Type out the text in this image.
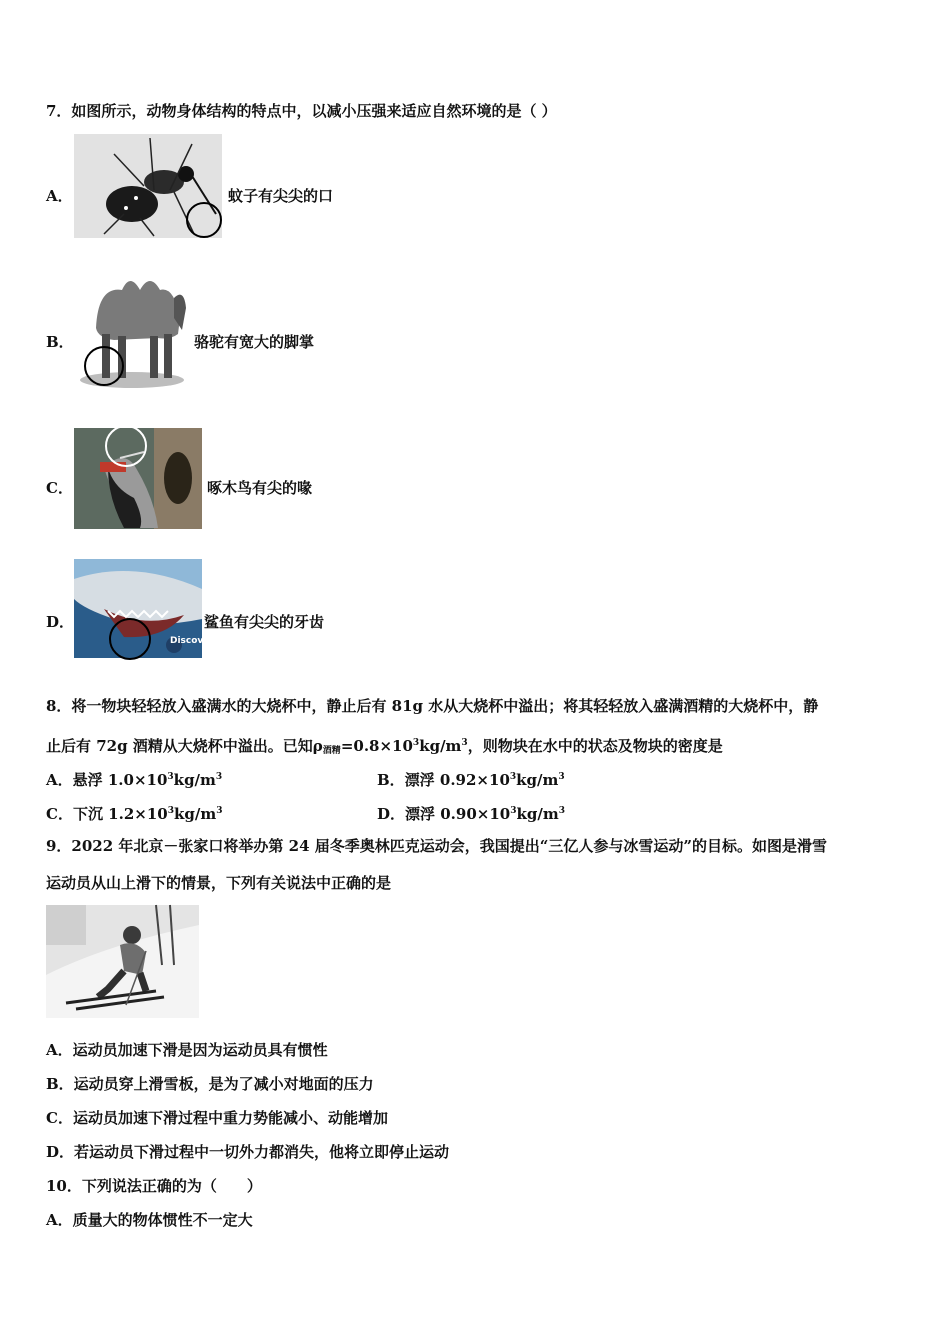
7．如图所示，动物身体结构的特点中，以减小压强来适应自然环境的是（ ）
A．	蚊子有尖尖的口
B．	骆驼有宽大的脚掌
C．	啄木鸟有尖的喙
D．
Discovery
鲨鱼有尖尖的牙齿
8．将一物块轻轻放入盛满水的大烧杯中，静止后有 81g 水从大烧杯中溢出；将其轻轻放入盛满酒精的大烧杯中，静
止后有 72g 酒精从大烧杯中溢出。已知$\rho_{酒精}=0.8\times 10^3kg/m^3$，则物块在水中的状态及物块的密度是
A．悬浮 $1.0\times 10^3kg/m^3$	B．漂浮 $0.92\times 10^3kg/m^3$
C．下沉 $1.2\times 10^3kg/m^3$	D．漂浮 $0.90\times 10^3kg/m^3$
9．2022 年北京－张家口将举办第 24 届冬季奥林匹克运动会，我国提出“三亿人参与冰雪运动”的目标。如图是滑雪
运动员从山上滑下的情景，下列有关说法中正确的是
A．运动员加速下滑是因为运动员具有惯性
B．运动员穿上滑雪板，是为了减小对地面的压力
C．运动员加速下滑过程中重力势能减小、动能增加
D．若运动员下滑过程中一切外力都消失，他将立即停止运动
10．下列说法正确的为（　　）
A．质量大的物体惯性不一定大
